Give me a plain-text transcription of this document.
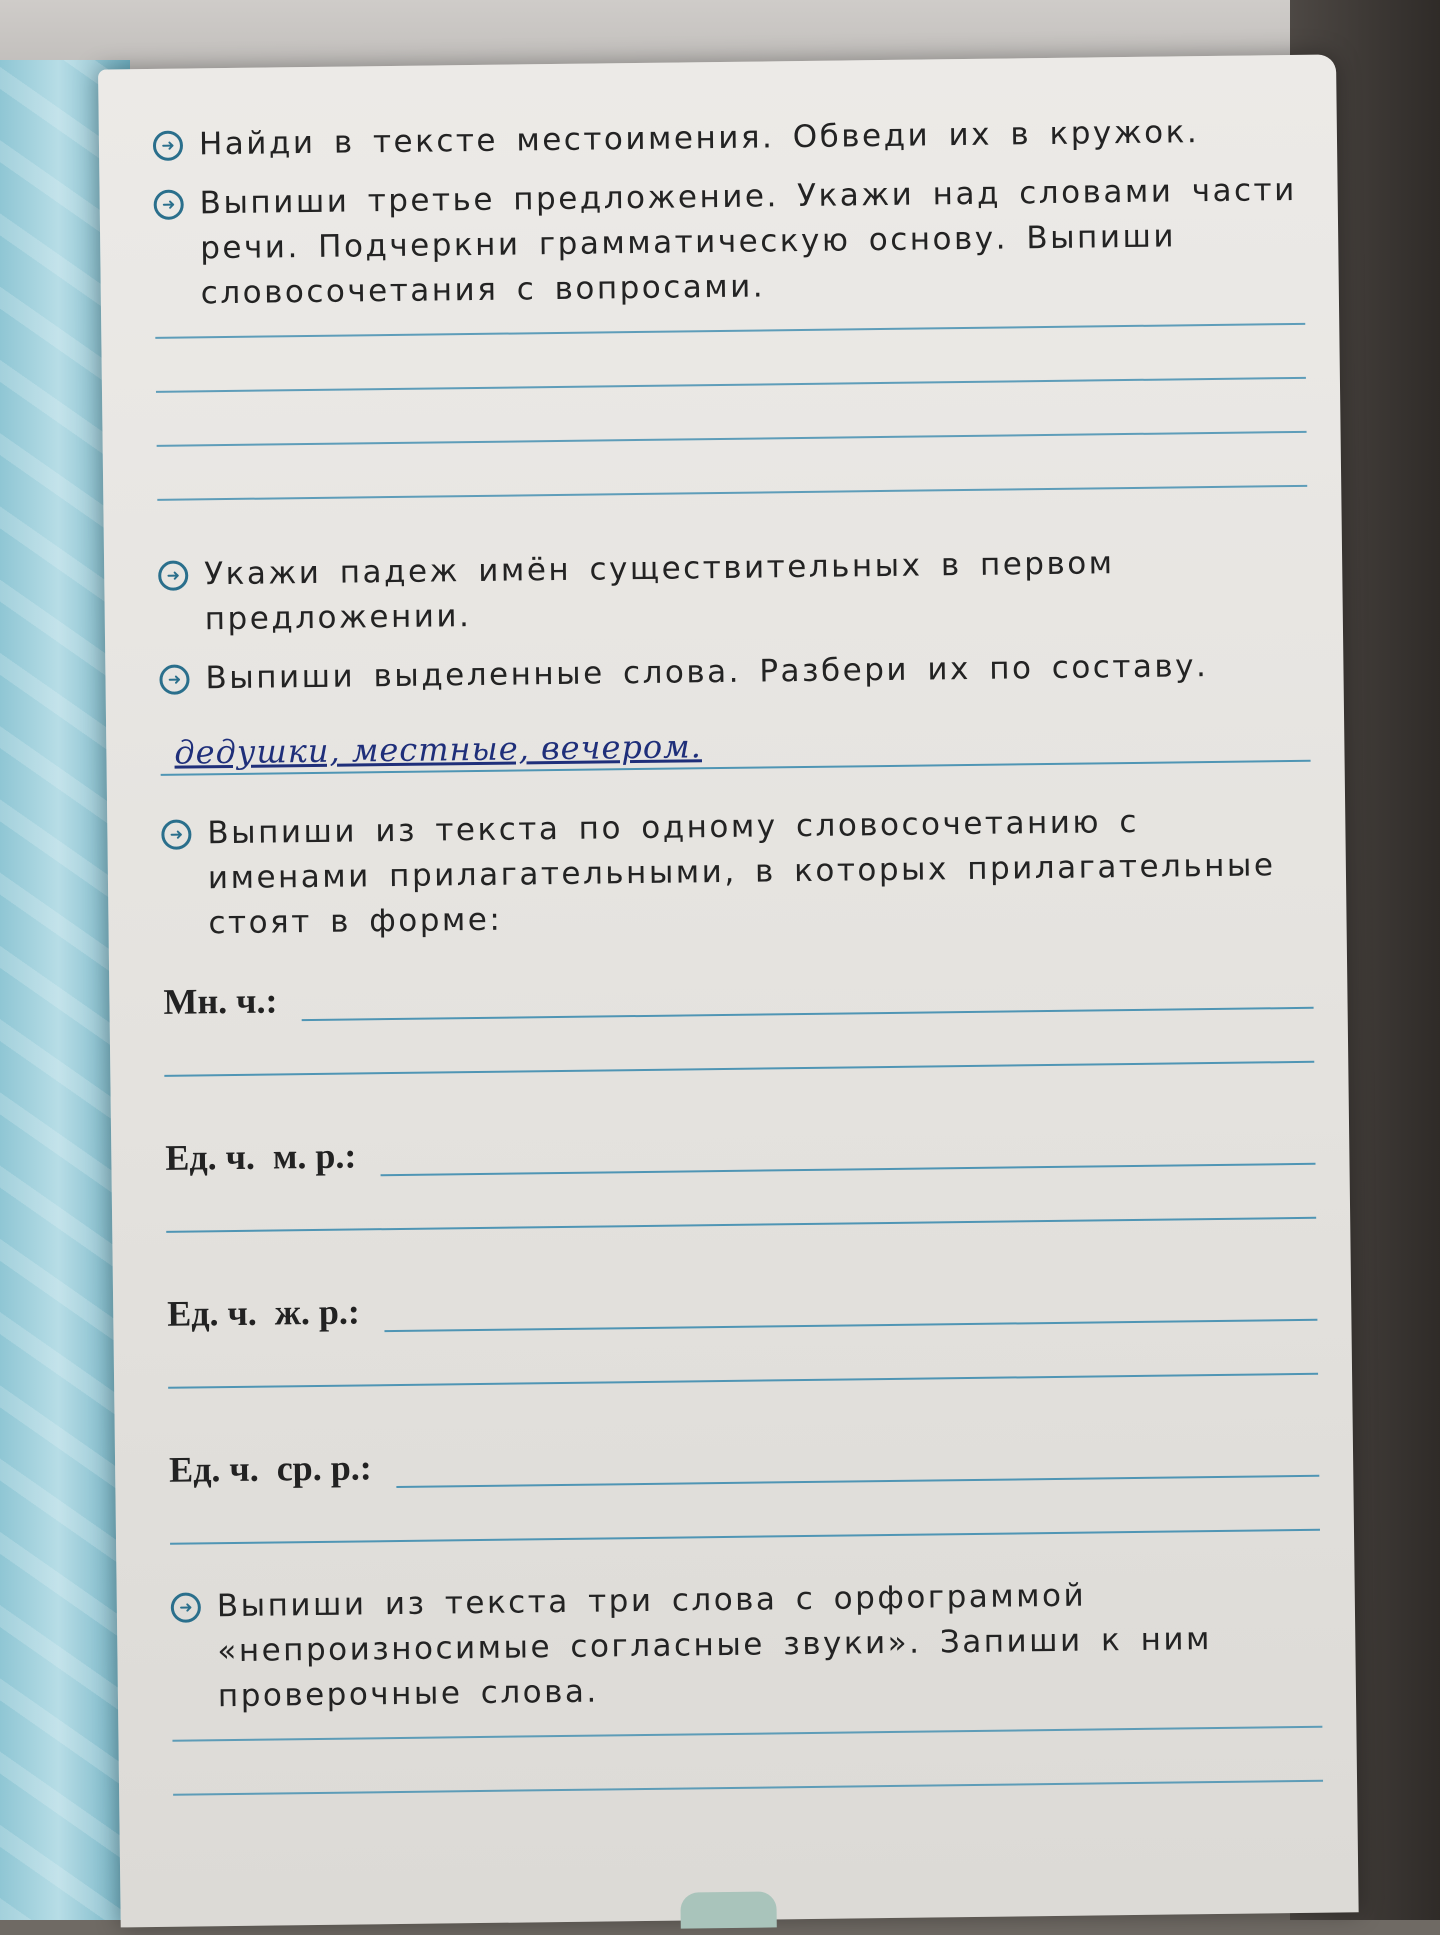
➜ Найди в тексте местоимения. Обведи их в кружок.
➜ Выпиши третье предложение. Укажи над словами части речи. Подчеркни грамматическую основу. Выпиши словосочетания с вопросами.
➜ Укажи падеж имён существительных в первом предложении.
➜ Выпиши выделенные слова. Разбери их по составу.
дедушки, местные, вечером.
➜ Выпиши из текста по одному словосочетанию с именами прилагательными, в которых прилагательные стоят в форме:
Мн. ч.:
Ед. ч.  м. р.:
Ед. ч.  ж. р.:
Ед. ч.  ср. р.:
➜ Выпиши из текста три слова с орфограммой «непроизносимые согласные звуки». Запиши к ним проверочные слова.
